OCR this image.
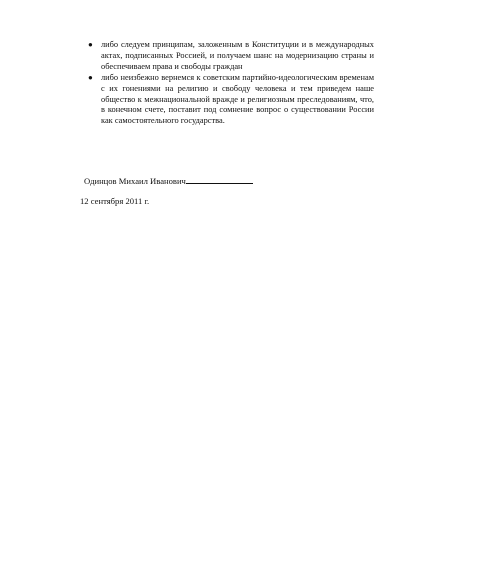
● либо следуем принципам, заложенным в Конституции и в международных актах, подписанных Россией, и получаем шанс на модернизацию страны и обеспечиваем права и свободы граждан
● либо неизбежно вернемся к советским партийно-идеологическим временам с их гонениями на религию и свободу человека и тем приведем наше общество к межнациональной вражде и религиозным преследованиям, что, в конечном счете, поставит под сомнение вопрос о существовании России как самостоятельного государства.
Одинцов Михаил Иванович
12 сентября 2011 г.
